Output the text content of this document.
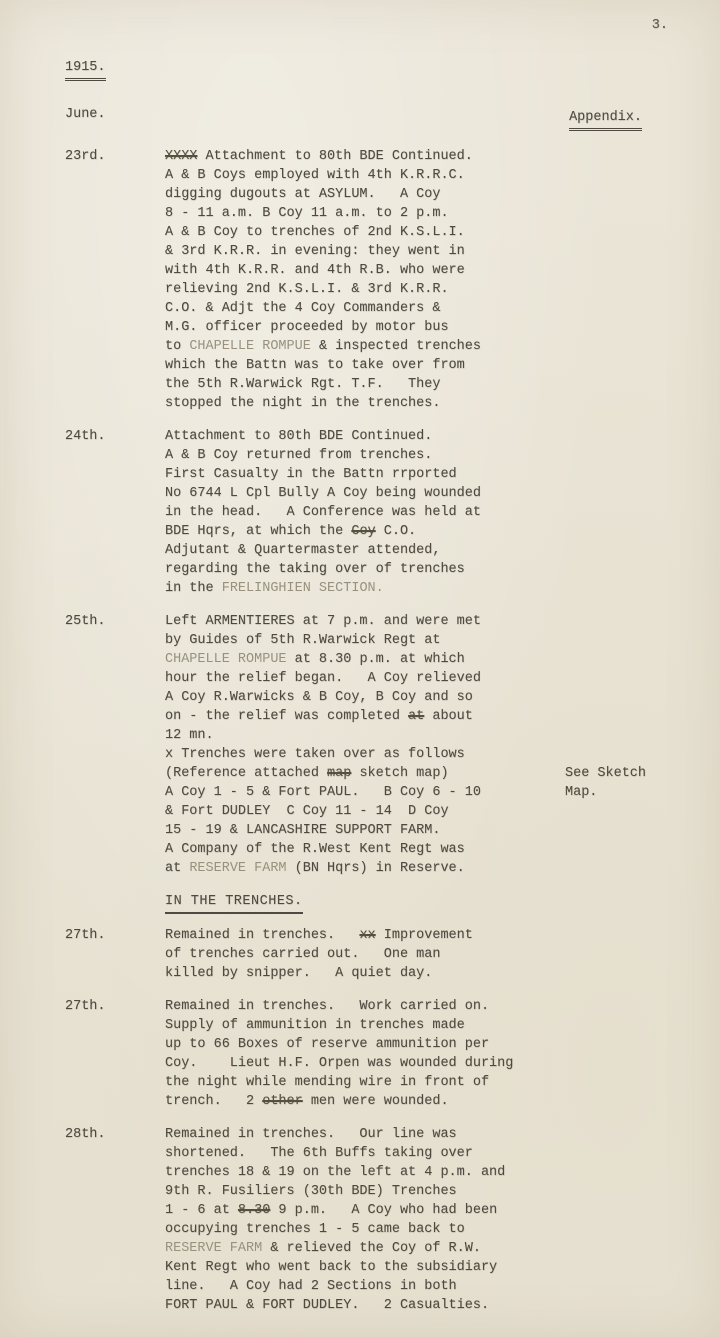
3.
1915.
June.	Appendix.
23rd.	XXXX Attachment to 80th BDE Continued.
A & B Coys employed with 4th K.R.R.C.
digging dugouts at ASYLUM.   A Coy
8 - 11 a.m. B Coy 11 a.m. to 2 p.m.
A & B Coy to trenches of 2nd K.S.L.I.
& 3rd K.R.R. in evening: they went in
with 4th K.R.R. and 4th R.B. who were
relieving 2nd K.S.L.I. & 3rd K.R.R.
C.O. & Adjt the 4 Coy Commanders &
M.G. officer proceeded by motor bus
to CHAPELLE ROMPUE & inspected trenches
which the Battn was to take over from
the 5th R.Warwick Rgt. T.F.   They
stopped the night in the trenches.
24th.	Attachment to 80th BDE Continued.
A & B Coy returned from trenches.
First Casualty in the Battn rrported
No 6744 L Cpl Bully A Coy being wounded
in the head.   A Conference was held at
BDE Hqrs, at which the Coy C.O.
Adjutant & Quartermaster attended,
regarding the taking over of trenches
in the FRELINGHIEN SECTION.
25th.	Left ARMENTIERES at 7 p.m. and were met
by Guides of 5th R.Warwick Regt at
CHAPELLE ROMPUE at 8.30 p.m. at which
hour the relief began.   A Coy relieved
A Coy R.Warwicks & B Coy, B Coy and so
on - the relief was completed at about
12 mn.
x Trenches were taken over as follows
(Reference attached map sketch map)	See Sketch
A Coy 1 - 5 & Fort PAUL.   B Coy 6 - 10	Map.
& Fort DUDLEY  C Coy 11 - 14  D Coy
15 - 19 & LANCASHIRE SUPPORT FARM.
A Company of the R.West Kent Regt was
at RESERVE FARM (BN Hqrs) in Reserve.
IN THE TRENCHES.
27th.	Remained in trenches.   xx Improvement
of trenches carried out.   One man
killed by snipper.   A quiet day.
27th.	Remained in trenches.   Work carried on.
Supply of ammunition in trenches made
up to 66 Boxes of reserve ammunition per
Coy.    Lieut H.F. Orpen was wounded during
the night while mending wire in front of
trench.   2 other men were wounded.
28th.	Remained in trenches.   Our line was
shortened.   The 6th Buffs taking over
trenches 18 & 19 on the left at 4 p.m. and
9th R. Fusiliers (30th BDE) Trenches
1 - 6 at 8.30 9 p.m.   A Coy who had been
occupying trenches 1 - 5 came back to
RESERVE FARM & relieved the Coy of R.W.
Kent Regt who went back to the subsidiary
line.   A Coy had 2 Sections in both
FORT PAUL & FORT DUDLEY.   2 Casualties.
